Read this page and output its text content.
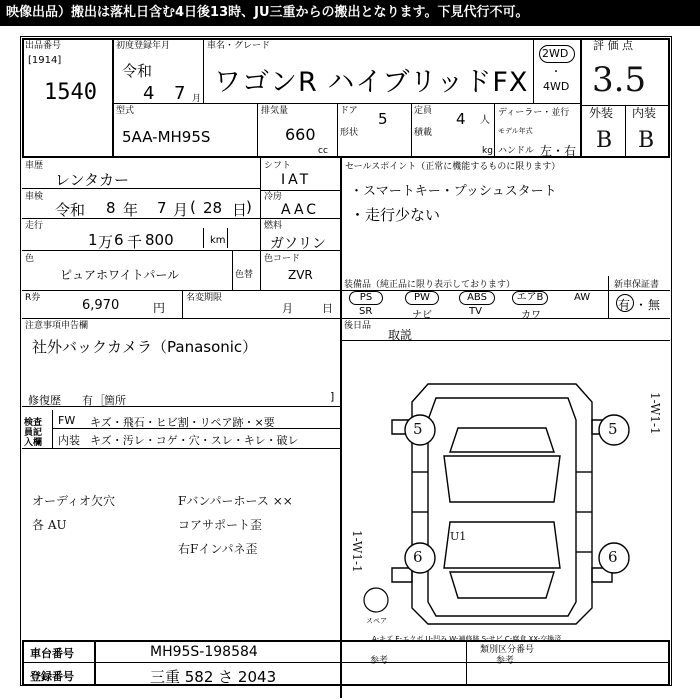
映像出品）搬出は落札日含む4日後13時、JU三重からの搬出となります。下見代行不可。
出品番号
[1914]
1540
初度登録年月
令和
4 7 月
車名・グレード
ワゴンR ハイブリッドFX
2WD
・
4WD
評 価 点
3.5
型式
5AA-MH95S
排気量
660
cc
ドア 5
形状
定員 4 人
積載
kg
ディーラー・並行
モデル年式
ハンドル 左・右
外装 内装
B B
車歴
レンタカー
シフト
IAT
車検
令和 8 年 7 月 28 日
(	)
冷房
AAC
走行
1 万 6 千 800	km
燃料
ガソリン
色
ピュアホワイトパール	色替
色コード
ZVR
セールスポイント（正常に機能するものに限ります）
・スマートキー・プッシュスタート
・走行少ない
R券	6,970	円
名変期限
月	日
装備品（純正品に限り表示しております）	新車保証書
有 ・ 無
PS	PW	ABS	エアB	AW
SR	ナビ	TV	カワ
注意事項申告欄
社外バックカメラ（Panasonic）
修復歴 有 ［ 箇所	]
後日品
取説
検査員記入欄
FW キズ・飛石・ヒビ割・リペア跡・×要
内装 キズ・汚レ・コゲ・穴・スレ・キレ・破レ
オーディオ欠穴
各 AU
Fバンパーホース ××
コアサポート歪
右Fインパネ歪	1-W1-1
1-W1-1
5	5
6	6
U1
スペア
A-キズ E-エクボ U-凹み W-補修跡 S-サビ C-腐食 XX-交換済
車台番号	MH95S-198584
登録番号	三重 582 さ 2043
類別区分番号
参考	参考
